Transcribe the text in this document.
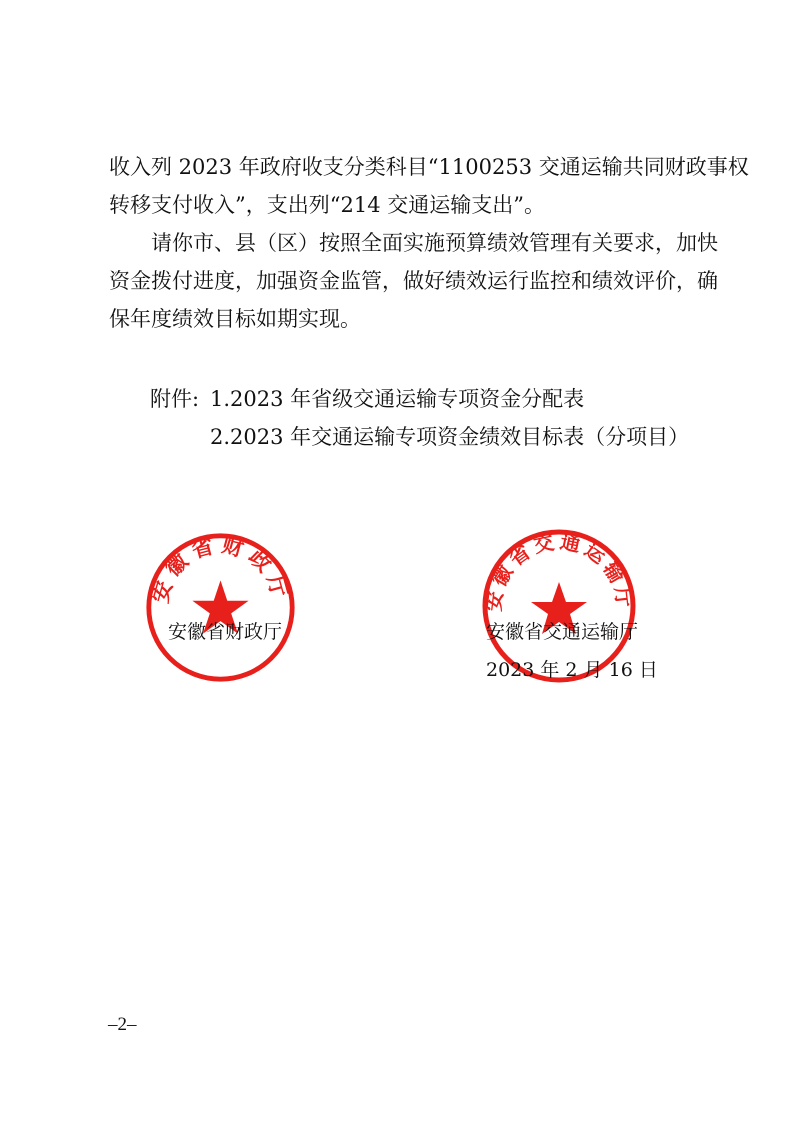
收入列 2023 年政府收支分类科目“1100253 交通运输共同财政事权
转移支付收入”，支出列“214 交通运输支出”。
请你市、县（区）按照全面实施预算绩效管理有关要求，加快
资金拨付进度，加强资金监管，做好绩效运行监控和绩效评价，确
保年度绩效目标如期实现。
附件: 1.2023 年省级交通运输专项资金分配表
2.2023 年交通运输专项资金绩效目标表（分项目）
安徽省财政厅	安徽省交通运输厅
安徽省财政厅	安徽省交通运输厅
2023 年 2 月 16 日
–2–
